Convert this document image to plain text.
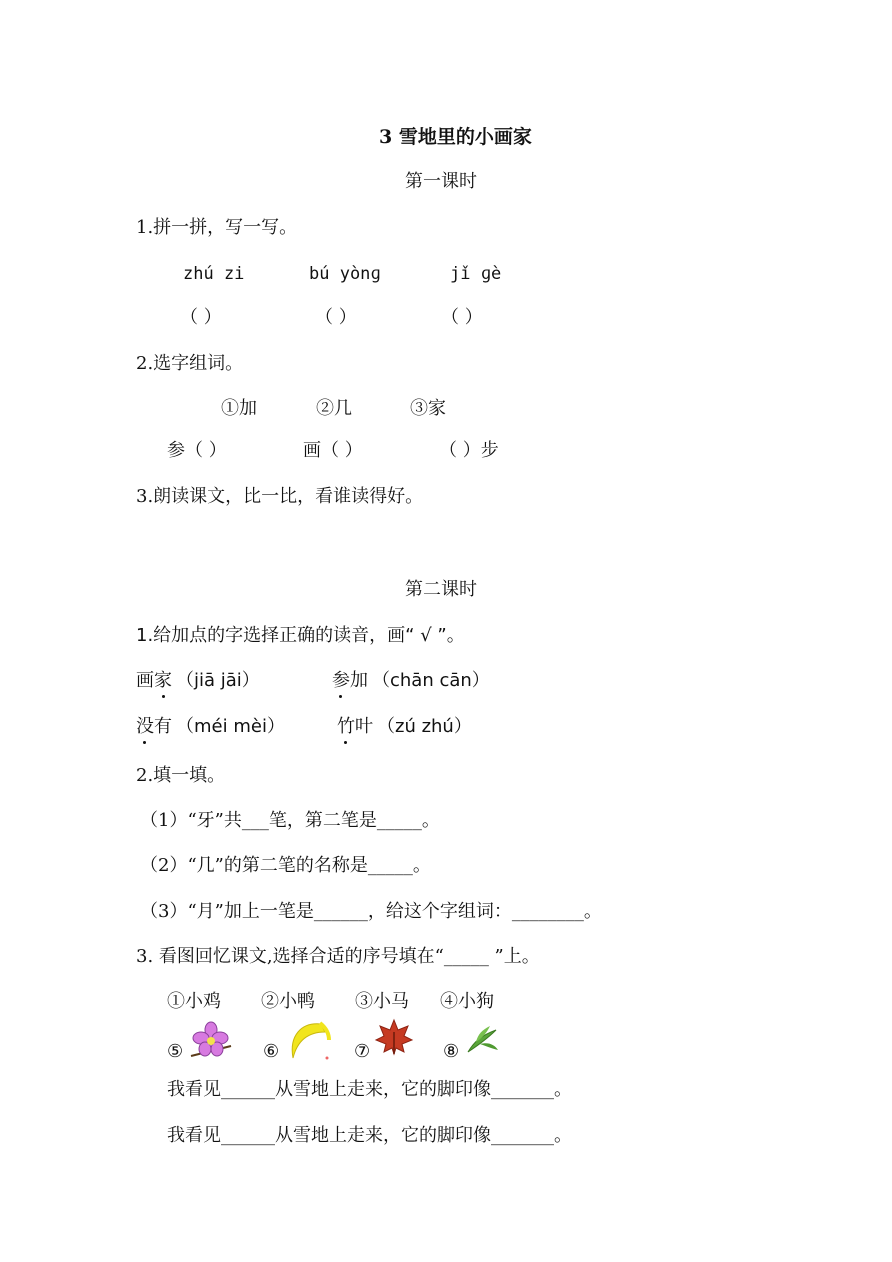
3 雪地里的小画家
第一课时
1.拼一拼，写一写。
zhú zi	bú yònɡ	jǐ ɡè
（ ）	（ ）	（ ）
2.选字组词。
①加	②几	③家
参（ ）	画（ ）	（ ）步
3.朗读课文，比一比，看谁读得好。
第二课时
1.给加点的字选择正确的读音，画“ √ ”。
画家 （jiā jāi）	参加 （chān cān）
没有 （méi mèi）	竹叶 （zú zhú）
2.填一填。
（1）“牙”共___笔，第二笔是_____。
（2）“几”的第二笔的名称是_____。
（3）“月”加上一笔是______，给这个字组词：________。
3. 看图回忆课文,选择合适的序号填在“_____ ”上。
①小鸡 ②小鸭 ③小马 ④小狗
⑤	⑥	⑦	⑧
我看见______从雪地上走来，它的脚印像_______。
我看见______从雪地上走来，它的脚印像_______。
